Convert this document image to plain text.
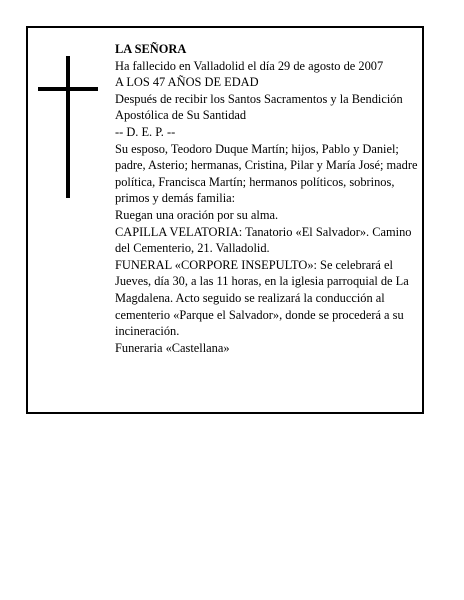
LA SEÑORA
Ha fallecido en Valladolid el día 29 de agosto de 2007
A LOS 47 AÑOS DE EDAD
Después de recibir los Santos Sacramentos y la Bendición Apostólica de Su Santidad
-- D. E. P. --
Su esposo, Teodoro Duque Martín; hijos, Pablo y Daniel; padre, Asterio; hermanas, Cristina, Pilar y María José; madre política, Francisca Martín; hermanos políticos, sobrinos, primos y demás familia:
Ruegan una oración por su alma.
CAPILLA VELATORIA: Tanatorio «El Salvador». Camino del Cementerio, 21. Valladolid.
FUNERAL «CORPORE INSEPULTO»: Se celebrará el Jueves, día 30, a las 11 horas, en la iglesia parroquial de La Magdalena. Acto seguido se realizará la conducción al cementerio «Parque el Salvador», donde se procederá a su incineración.
Funeraria «Castellana»
